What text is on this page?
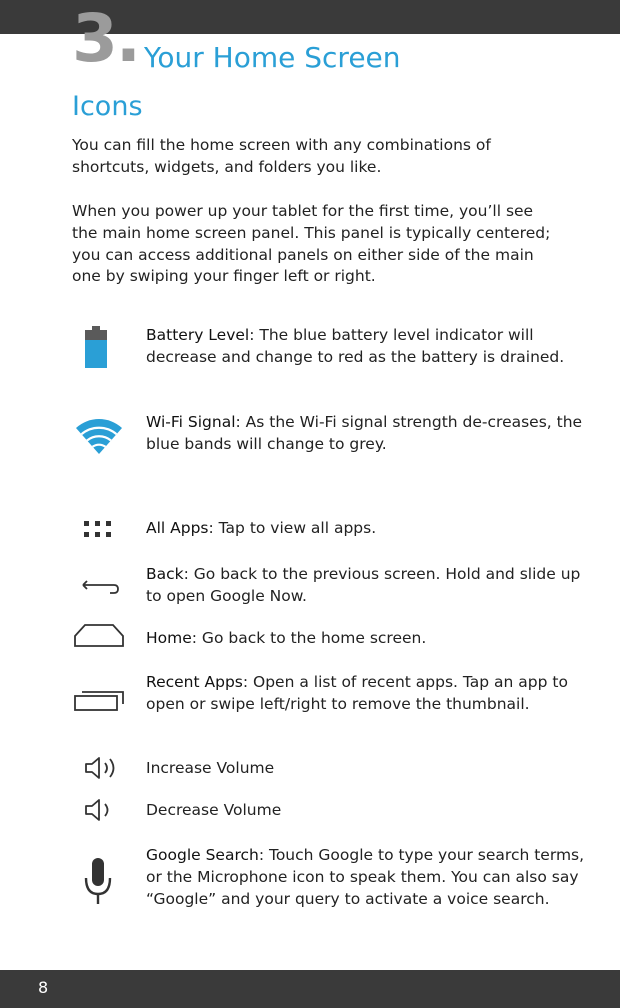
3. Your Home Screen
Icons
You can fill the home screen with any combinations of shortcuts, widgets, and folders you like.
When you power up your tablet for the first time, you’ll see the main home screen panel. This panel is typically centered; you can access additional panels on either side of the main one by swiping your finger left or right.
Battery Level: The blue battery level indicator will decrease and change to red as the battery is drained.
Wi-Fi Signal: As the Wi-Fi signal strength de-creases, the blue bands will change to grey.
All Apps: Tap to view all apps.
Back: Go back to the previous screen. Hold and slide up to open Google Now.
Home: Go back to the home screen.
Recent Apps: Open a list of recent apps. Tap an app to open or swipe left/right to remove the thumbnail.
Increase Volume
Decrease Volume
Google Search: Touch Google to type your search terms, or the Microphone icon to speak them. You can also say “Google” and your query to activate a voice search.
8
